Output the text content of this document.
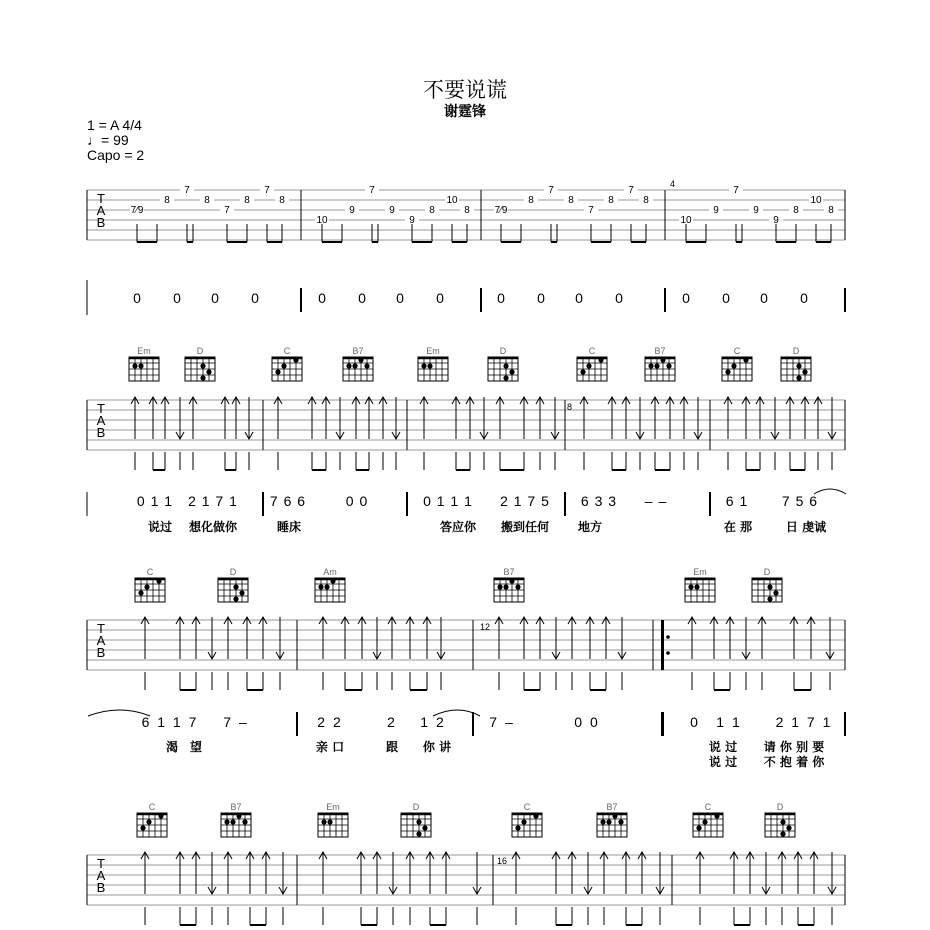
不要说谎
谢霆锋
1 = A 4/4
♩= 99
Capo = 2
T
A
B
7⁄9
8
7
8
7
8
7
8
0 0 0 0
10
9
7
9
9
8
10
8
0 0 0 0
7⁄9
8
7
8
7
8
7
8
0 0 0 0
10
9
7
9
9
8
10
8
4
0 0 0 0
Em	D	C	B7	Em	D	C	B7	C	D
T
A
B
8
0 1 1 2 1 7 1 7 6 6	0 0	0 1 1 1 2 1 7 5 6 3 3 – –	6 1 7 5 6
说过 想化做你	睡床	答应你 搬到任何 地方	在 那	日 虔诚
C	D	Am	B7	Em	D
T
A
B
12
6 1 1 7 7 –	2 2	2 1 2	7 –	0 0	0 1 1 2 1 7 1
渴 望	亲 口	跟 你 讲	说 过 请 你 别 要
说 过 不 抱 着 你
C	B7	Em	D	C	B7	C	D
T
A
B
16
